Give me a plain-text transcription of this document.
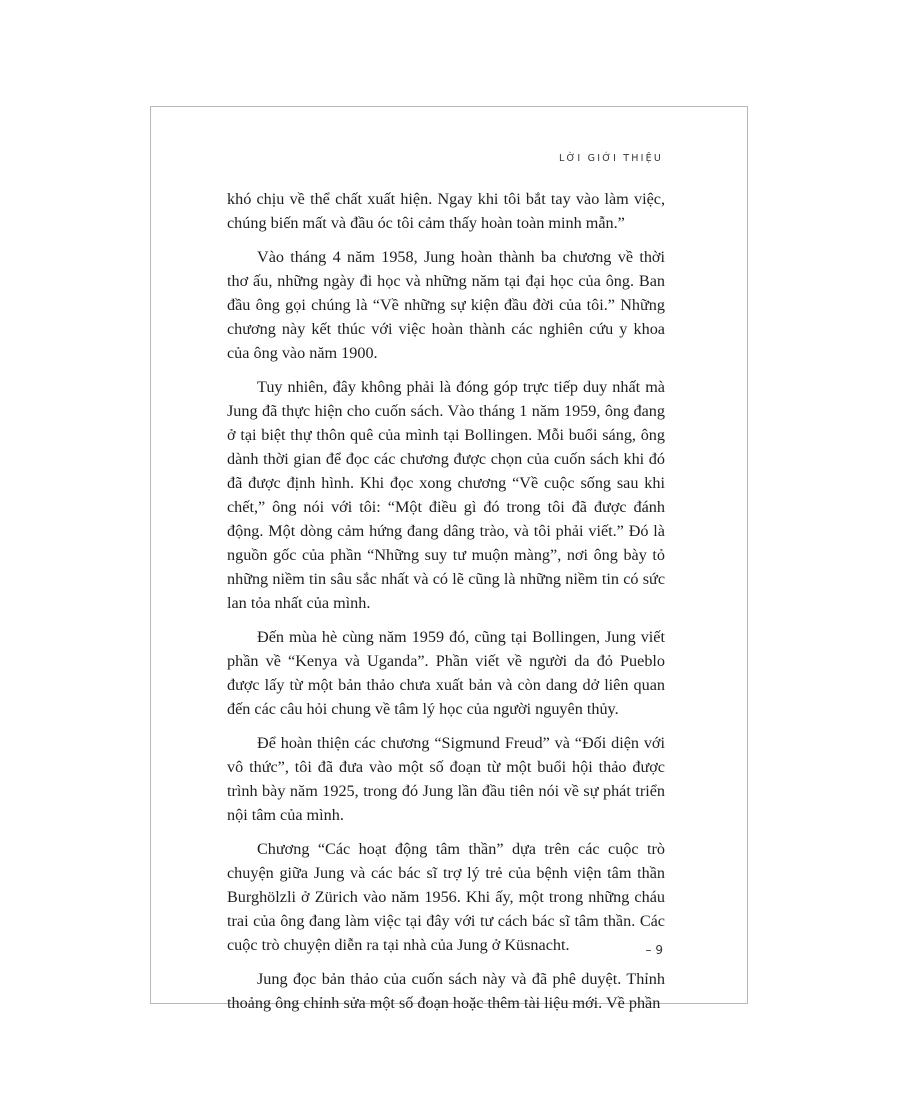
LỜI GIỚI THIỆU

khó chịu về thể chất xuất hiện. Ngay khi tôi bắt tay vào làm việc, chúng biến mất và đầu óc tôi cảm thấy hoàn toàn minh mẫn.”

Vào tháng 4 năm 1958, Jung hoàn thành ba chương về thời thơ ấu, những ngày đi học và những năm tại đại học của ông. Ban đầu ông gọi chúng là “Về những sự kiện đầu đời của tôi.” Những chương này kết thúc với việc hoàn thành các nghiên cứu y khoa của ông vào năm 1900.

Tuy nhiên, đây không phải là đóng góp trực tiếp duy nhất mà Jung đã thực hiện cho cuốn sách. Vào tháng 1 năm 1959, ông đang ở tại biệt thự thôn quê của mình tại Bollingen. Mỗi buổi sáng, ông dành thời gian để đọc các chương được chọn của cuốn sách khi đó đã được định hình. Khi đọc xong chương “Về cuộc sống sau khi chết,” ông nói với tôi: “Một điều gì đó trong tôi đã được đánh động. Một dòng cảm hứng đang dâng trào, và tôi phải viết.” Đó là nguồn gốc của phần “Những suy tư muộn màng”, nơi ông bày tỏ những niềm tin sâu sắc nhất và có lẽ cũng là những niềm tin có sức lan tỏa nhất của mình.

Đến mùa hè cùng năm 1959 đó, cũng tại Bollingen, Jung viết phần về “Kenya và Uganda”. Phần viết về người da đỏ Pueblo được lấy từ một bản thảo chưa xuất bản và còn dang dở liên quan đến các câu hỏi chung về tâm lý học của người nguyên thủy.

Để hoàn thiện các chương “Sigmund Freud” và “Đối diện với vô thức”, tôi đã đưa vào một số đoạn từ một buổi hội thảo được trình bày năm 1925, trong đó Jung lần đầu tiên nói về sự phát triển nội tâm của mình.

Chương “Các hoạt động tâm thần” dựa trên các cuộc trò chuyện giữa Jung và các bác sĩ trợ lý trẻ của bệnh viện tâm thần Burghölzli ở Zürich vào năm 1956. Khi ấy, một trong những cháu trai của ông đang làm việc tại đây với tư cách bác sĩ tâm thần. Các cuộc trò chuyện diễn ra tại nhà của Jung ở Küsnacht.

Jung đọc bản thảo của cuốn sách này và đã phê duyệt. Thỉnh thoảng ông chỉnh sửa một số đoạn hoặc thêm tài liệu mới. Về phần

– 9
